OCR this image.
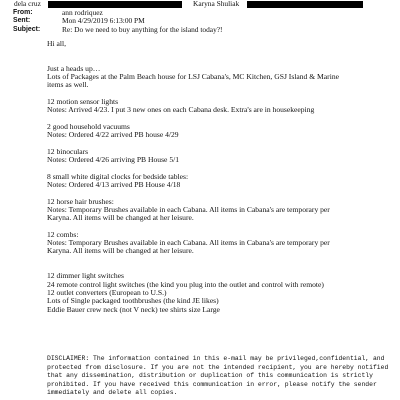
dela cruz	Karyna Shuliak
From:	ann rodriquez
Sent:	Mon 4/29/2019 6:13:00 PM
Subject:	Re: Do we need to buy anything for the island today?!
Hi all,
Just a heads up…
Lots of Packages at the Palm Beach house for LSJ Cabana's, MC Kitchen, GSJ Island & Marine
items as well.
12 motion sensor lights
Notes: Arrived 4/23. I put 3 new ones on each Cabana desk. Extra's are in housekeeping
2 good household vacuums
Notes: Ordered 4/22 arrived PB house 4/29
12 binoculars
Notes: Ordered 4/26 arriving PB House 5/1
8 small white digital clocks for bedside tables:
Notes: Ordered 4/13 arrived PB House 4/18
12 horse hair brushes:
Notes: Temporary Brushes available in each Cabana. All items in Cabana's are temporary per
Karyna. All items will be changed at her leisure.
12 combs:
Notes: Temporary Brushes available in each Cabana. All items in Cabana's are temporary per
Karyna. All items will be changed at her leisure.
12 dimmer light switches
24 remote control light switches (the kind you plug into the outlet and control with remote)
12 outlet converters (European to U.S.)
Lots of Single packaged toothbrushes (the kind JE likes)
Eddie Bauer crew neck (not V neck) tee shirts size Large
DISCLAIMER: The information contained in this e-mail may be privileged,confidential, and
protected from disclosure. If you are not the intended recipient, you are hereby notified
that any dissemination, distribution or duplication of this communication is strictly
prohibited. If you have received this communication in error, please notify the sender
immediately and delete all copies.
